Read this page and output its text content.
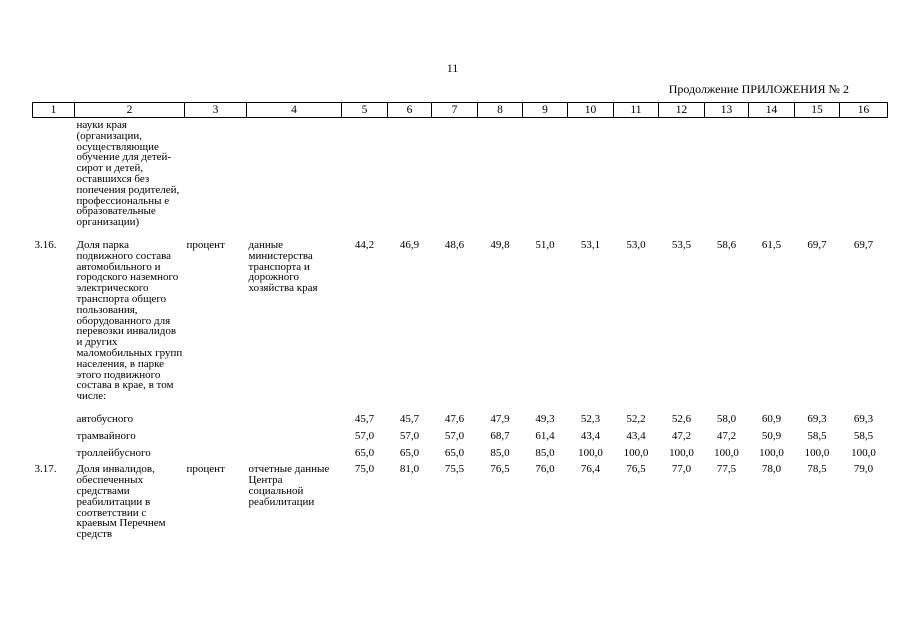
11
Продолжение ПРИЛОЖЕНИЯ № 2
1	2	3	4	5	6	7	8	9	10	11	12	13	14	15	16
	науки края (организации, осуществляющие обучение для детей-сирот и детей, оставшихся без попечения родителей, профессиональны е образовательные организации)														
3.16.	Доля парка подвижного состава автомобильного и городского наземного электрического транспорта общего пользования, оборудованного для перевозки инвалидов и других маломобильных групп населения, в парке этого подвижного состава в крае, в том числе:	процент	данные министерства транспорта и дорожного хозяйства края	44,2	46,9	48,6	49,8	51,0	53,1	53,0	53,5	58,6	61,5	69,7	69,7
	автобусного			45,7	45,7	47,6	47,9	49,3	52,3	52,2	52,6	58,0	60,9	69,3	69,3
	трамвайного			57,0	57,0	57,0	68,7	61,4	43,4	43,4	47,2	47,2	50,9	58,5	58,5
	троллейбусного			65,0	65,0	65,0	85,0	85,0	100,0	100,0	100,0	100,0	100,0	100,0	100,0
3.17.	Доля инвалидов, обеспеченных средствами реабилитации в соответствии с краевым Перечнем средств	процент	отчетные данные Центра социальной реабилитации	75,0	81,0	75,5	76,5	76,0	76,4	76,5	77,0	77,5	78,0	78,5	79,0
